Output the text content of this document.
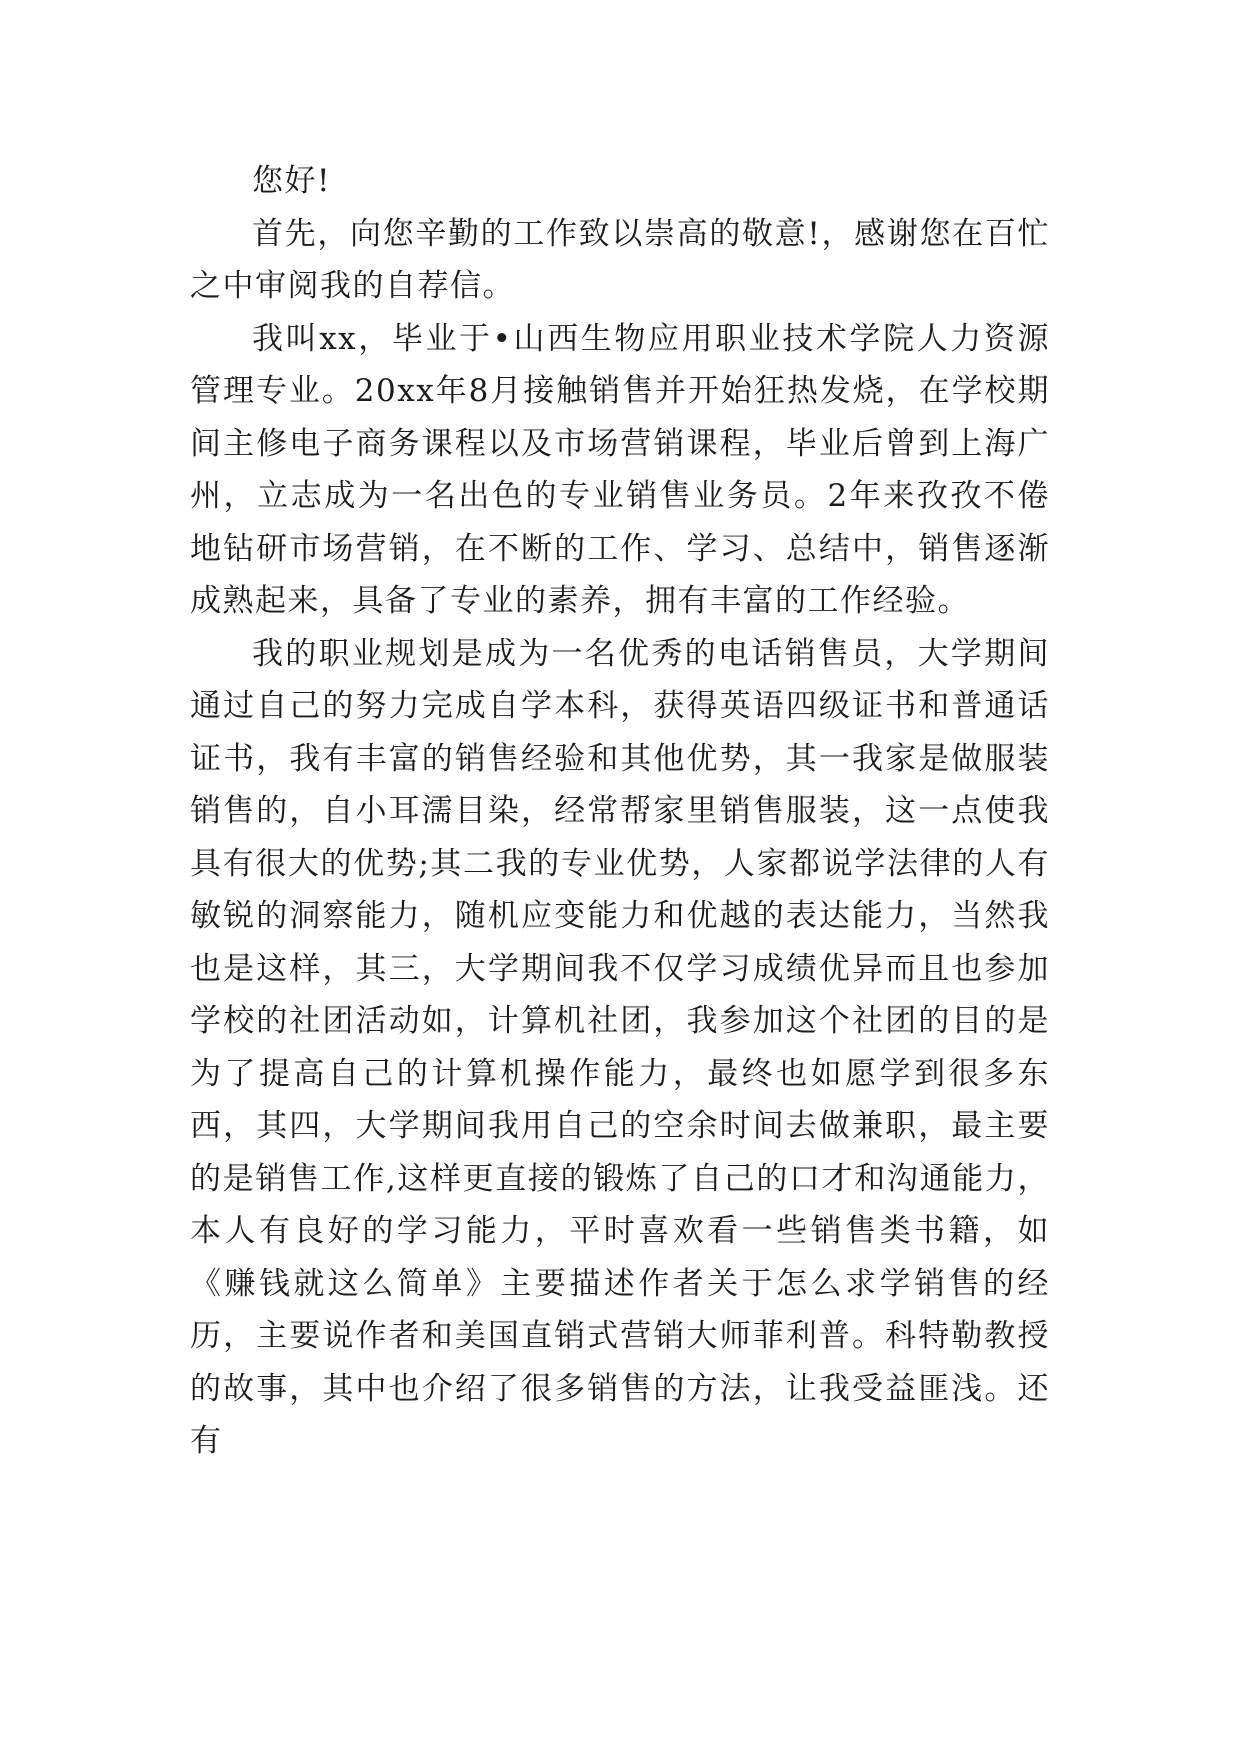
您好!

首先，向您辛勤的工作致以崇高的敬意!，感谢您在百忙之中审阅我的自荐信。

我叫xx，毕业于•山西生物应用职业技术学院人力资源管理专业。20xx年8月接触销售并开始狂热发烧，在学校期间主修电子商务课程以及市场营销课程，毕业后曾到上海广州，立志成为一名出色的专业销售业务员。2年来孜孜不倦地钻研市场营销，在不断的工作、学习、总结中，销售逐渐成熟起来，具备了专业的素养，拥有丰富的工作经验。

我的职业规划是成为一名优秀的电话销售员，大学期间通过自己的努力完成自学本科，获得英语四级证书和普通话证书，我有丰富的销售经验和其他优势，其一我家是做服装销售的，自小耳濡目染，经常帮家里销售服装，这一点使我具有很大的优势;其二我的专业优势，人家都说学法律的人有敏锐的洞察能力，随机应变能力和优越的表达能力，当然我也是这样，其三，大学期间我不仅学习成绩优异而且也参加学校的社团活动如，计算机社团，我参加这个社团的目的是为了提高自己的计算机操作能力，最终也如愿学到很多东西，其四，大学期间我用自己的空余时间去做兼职，最主要的是销售工作,这样更直接的锻炼了自己的口才和沟通能力，本人有良好的学习能力，平时喜欢看一些销售类书籍，如《赚钱就这么简单》主要描述作者关于怎么求学销售的经历，主要说作者和美国直销式营销大师菲利普。科特勒教授的故事，其中也介绍了很多销售的方法，让我受益匪浅。还有
